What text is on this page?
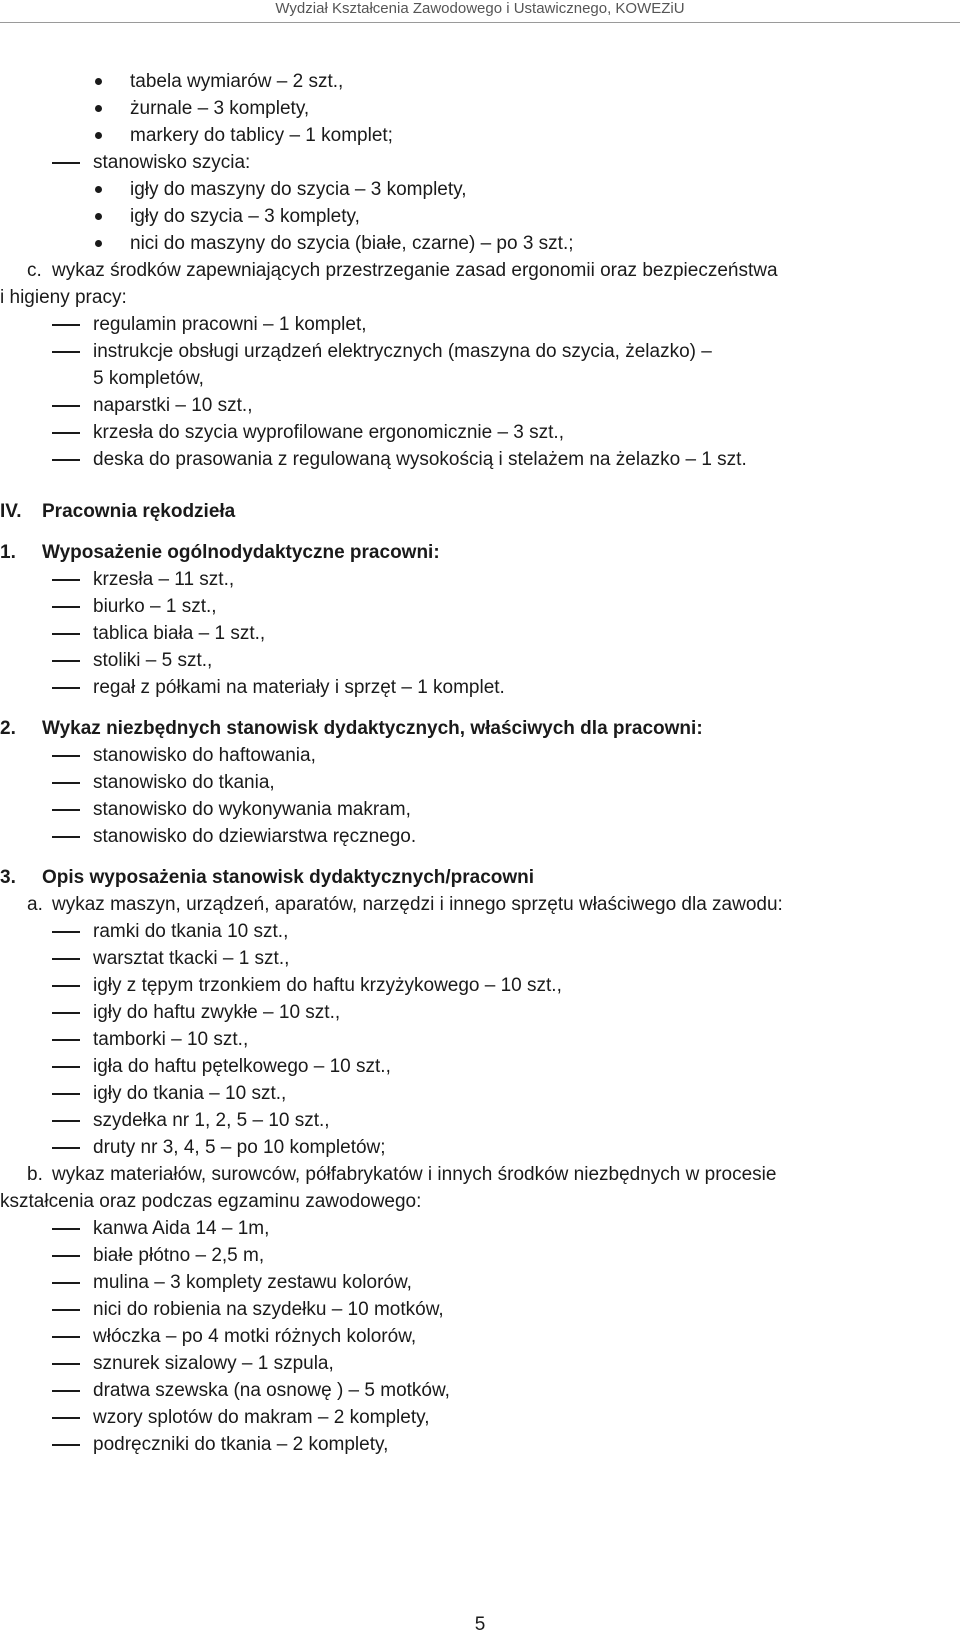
Wydział Kształcenia Zawodowego i Ustawicznego, KOWEZiU
tabela wymiarów – 2 szt.,
żurnale – 3 komplety,
markery do tablicy – 1 komplet;
stanowisko szycia:
igły do maszyny do szycia – 3 komplety,
igły do szycia – 3 komplety,
nici do maszyny do szycia (białe, czarne) – po 3 szt.;
c. wykaz środków zapewniających przestrzeganie zasad ergonomii oraz bezpieczeństwa
i higieny pracy:
regulamin pracowni – 1 komplet,
instrukcje obsługi urządzeń elektrycznych (maszyna do szycia, żelazko) –
5 kompletów,
naparstki – 10 szt.,
krzesła do szycia wyprofilowane ergonomicznie – 3 szt.,
deska do prasowania z regulowaną wysokością i stelażem na żelazko – 1 szt.
IV. Pracownia rękodzieła
1. Wyposażenie ogólnodydaktyczne pracowni:
krzesła – 11 szt.,
biurko – 1 szt.,
tablica biała – 1 szt.,
stoliki – 5 szt.,
regał z półkami na materiały i sprzęt – 1 komplet.
2. Wykaz niezbędnych stanowisk dydaktycznych, właściwych dla pracowni:
stanowisko do haftowania,
stanowisko do tkania,
stanowisko do wykonywania makram,
stanowisko do dziewiarstwa ręcznego.
3. Opis wyposażenia stanowisk dydaktycznych/pracowni
a. wykaz maszyn, urządzeń, aparatów, narzędzi i innego sprzętu właściwego dla zawodu:
ramki do tkania 10 szt.,
warsztat tkacki – 1 szt.,
igły z tępym trzonkiem do haftu krzyżykowego – 10 szt.,
igły do haftu zwykłe – 10 szt.,
tamborki – 10 szt.,
igła do haftu pętelkowego – 10 szt.,
igły do tkania – 10 szt.,
szydełka nr 1, 2, 5 – 10 szt.,
druty nr 3, 4, 5 – po 10 kompletów;
b. wykaz materiałów, surowców, półfabrykatów i innych środków niezbędnych w procesie
kształcenia oraz podczas egzaminu zawodowego:
kanwa Aida 14 – 1m,
białe płótno – 2,5 m,
mulina – 3 komplety zestawu kolorów,
nici do robienia na szydełku – 10 motków,
włóczka – po 4 motki różnych kolorów,
sznurek sizalowy – 1 szpula,
dratwa szewska (na osnowę ) – 5 motków,
wzory splotów do makram – 2 komplety,
podręczniki do tkania – 2 komplety,
5
